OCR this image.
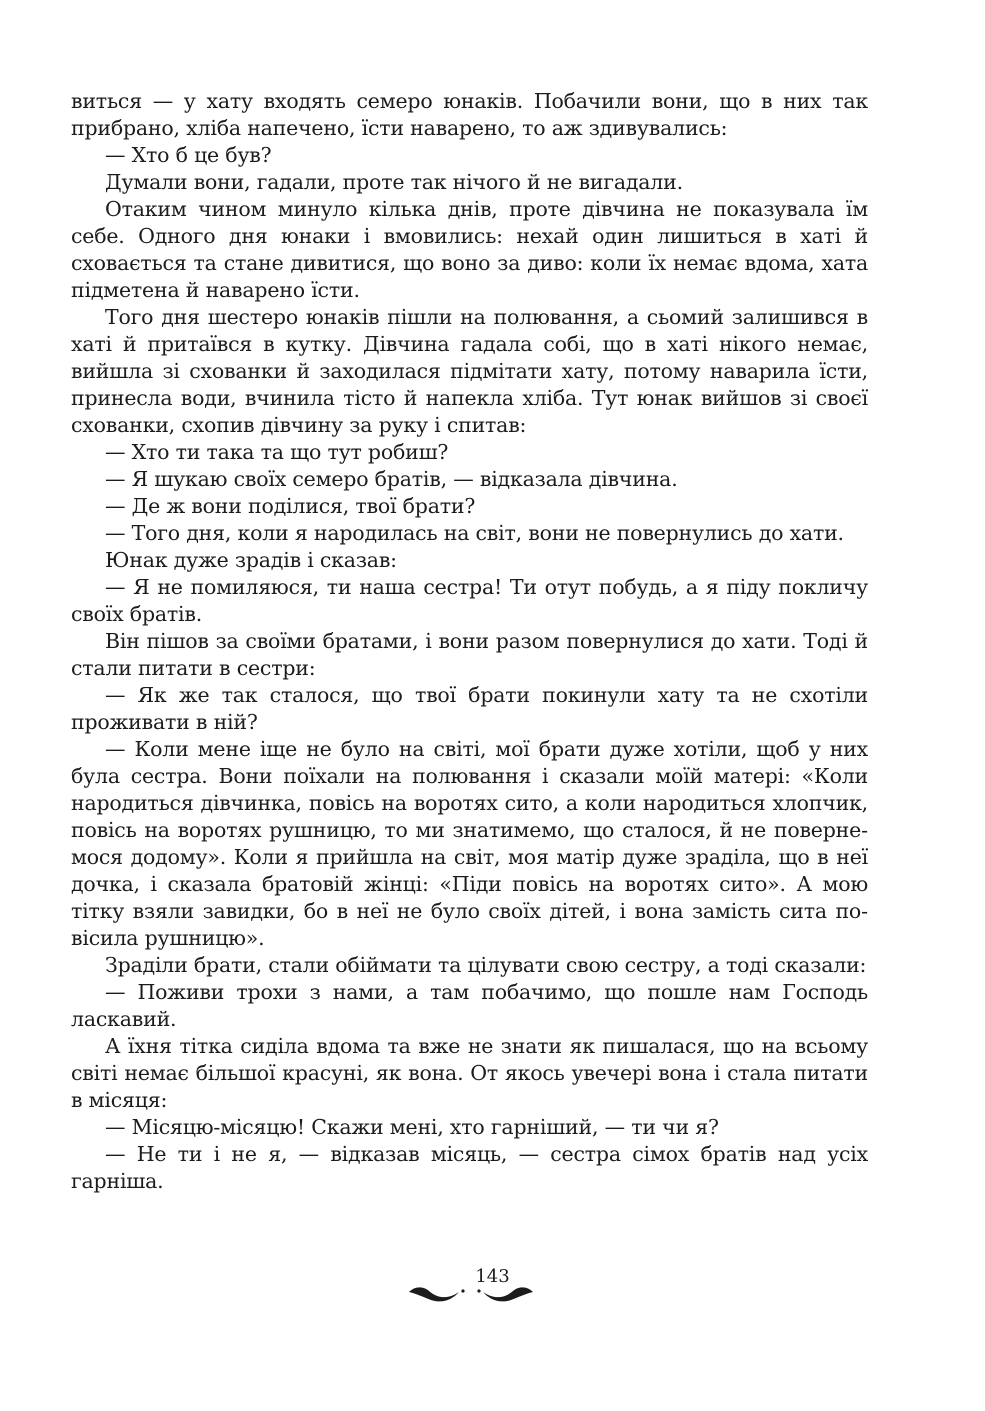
виться — у хату входять семеро юнаків. Побачили вони, що в них так прибрано, хліба напечено, їсти наварено, то аж здивувались:

— Хто б це був?

Думали вони, гадали, проте так нічого й не вигадали.

Отаким чином минуло кілька днів, проте дівчина не показувала їм себе. Одного дня юнаки і вмовились: нехай один лишиться в хаті й сховається та стане дивитися, що воно за диво: коли їх немає вдома, хата підметена й наварено їсти.

Того дня шестеро юнаків пішли на полювання, а сьомий залишився в хаті й притаївся в кутку. Дівчина гадала собі, що в хаті нікого немає, вийшла зі схованки й заходилася підмітати хату, потому наварила їсти, принесла води, вчинила тісто й напекла хліба. Тут юнак вийшов зі своєї схованки, схопив дівчину за руку і спитав:

— Хто ти така та що тут робиш?

— Я шукаю своїх семеро братів, — відказала дівчина.

— Де ж вони поділися, твої брати?

— Того дня, коли я народилась на світ, вони не повернулись до хати.

Юнак дуже зрадів і сказав:

— Я не помиляюся, ти наша сестра! Ти отут побудь, а я піду покличу своїх братів.

Він пішов за своїми братами, і вони разом повернулися до хати. Тоді й стали питати в сестри:

— Як же так сталося, що твої брати покинули хату та не схотіли проживати в ній?

— Коли мене іще не було на світі, мої брати дуже хотіли, щоб у них була сестра. Вони поїхали на полювання і сказали моїй матері: «Коли народиться дівчинка, повісь на воротях сито, а коли народиться хлопчик, повісь на воротях рушницю, то ми знатимемо, що сталося, й не повернемося додому». Коли я прийшла на світ, моя матір дуже зраділа, що в неї дочка, і сказала братовій жінці: «Піди повісь на воротях сито». А мою тітку взяли завидки, бо в неї не було своїх дітей, і вона замість сита повісила рушницю».

Зраділи брати, стали обіймати та цілувати свою сестру, а тоді сказали:

— Поживи трохи з нами, а там побачимо, що пошле нам Господь ласкавий.

А їхня тітка сиділа вдома та вже не знати як пишалася, що на всьому світі немає більшої красуні, як вона. От якось увечері вона і стала питати в місяця:

— Місяцю-місяцю! Скажи мені, хто гарніший, — ти чи я?

— Не ти і не я, — відказав місяць, — сестра сімох братів над усіх гарніша.

143
